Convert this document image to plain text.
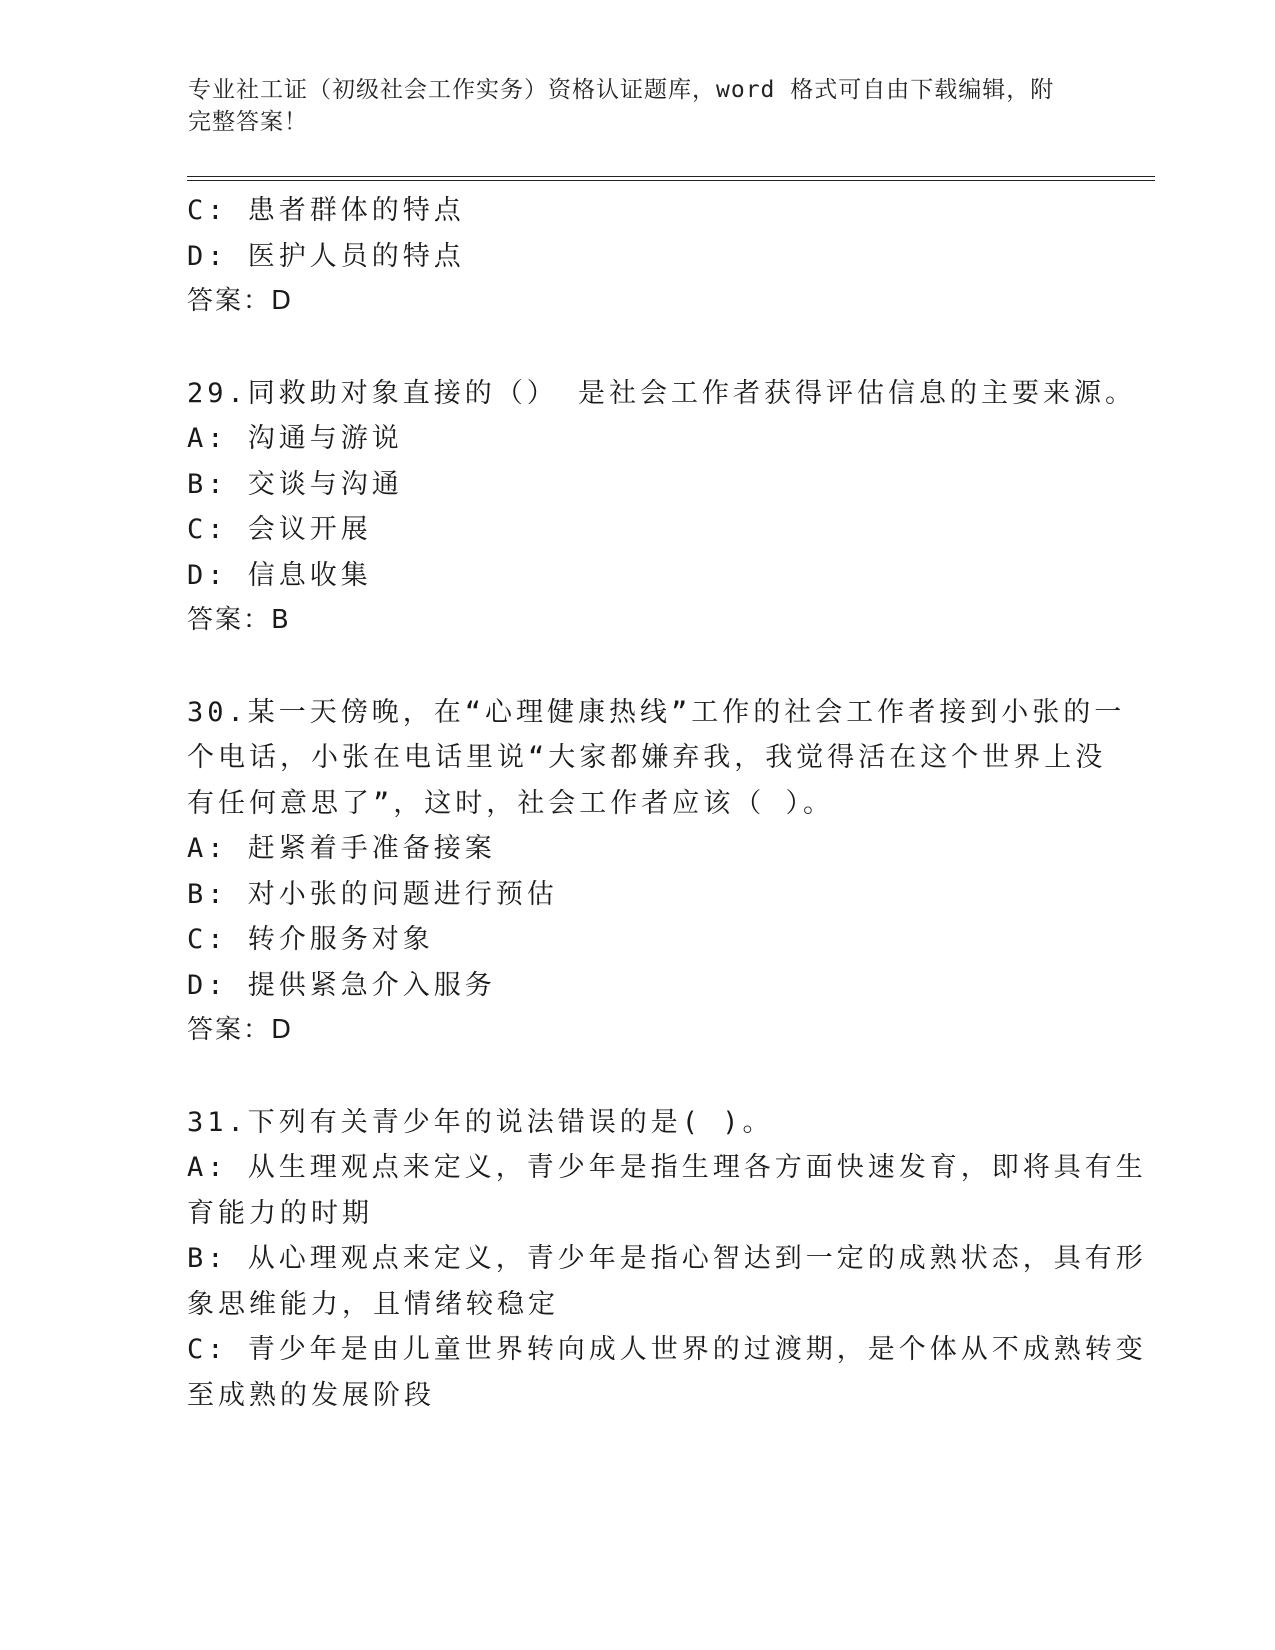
专业社工证（初级社会工作实务）资格认证题库，word 格式可自由下载编辑，附
完整答案！
C: 患者群体的特点
D: 医护人员的特点
答案：D
29.同救助对象直接的（） 是社会工作者获得评估信息的主要来源。
A: 沟通与游说
B: 交谈与沟通
C: 会议开展
D: 信息收集
答案：B
30.某一天傍晚，在“心理健康热线”工作的社会工作者接到小张的一
个电话，小张在电话里说“大家都嫌弃我，我觉得活在这个世界上没
有任何意思了”，这时，社会工作者应该（ ）。
A: 赶紧着手准备接案
B: 对小张的问题进行预估
C: 转介服务对象
D: 提供紧急介入服务
答案：D
31.下列有关青少年的说法错误的是( )。
A: 从生理观点来定义，青少年是指生理各方面快速发育，即将具有生
育能力的时期
B: 从心理观点来定义，青少年是指心智达到一定的成熟状态，具有形
象思维能力，且情绪较稳定
C: 青少年是由儿童世界转向成人世界的过渡期，是个体从不成熟转变
至成熟的发展阶段
